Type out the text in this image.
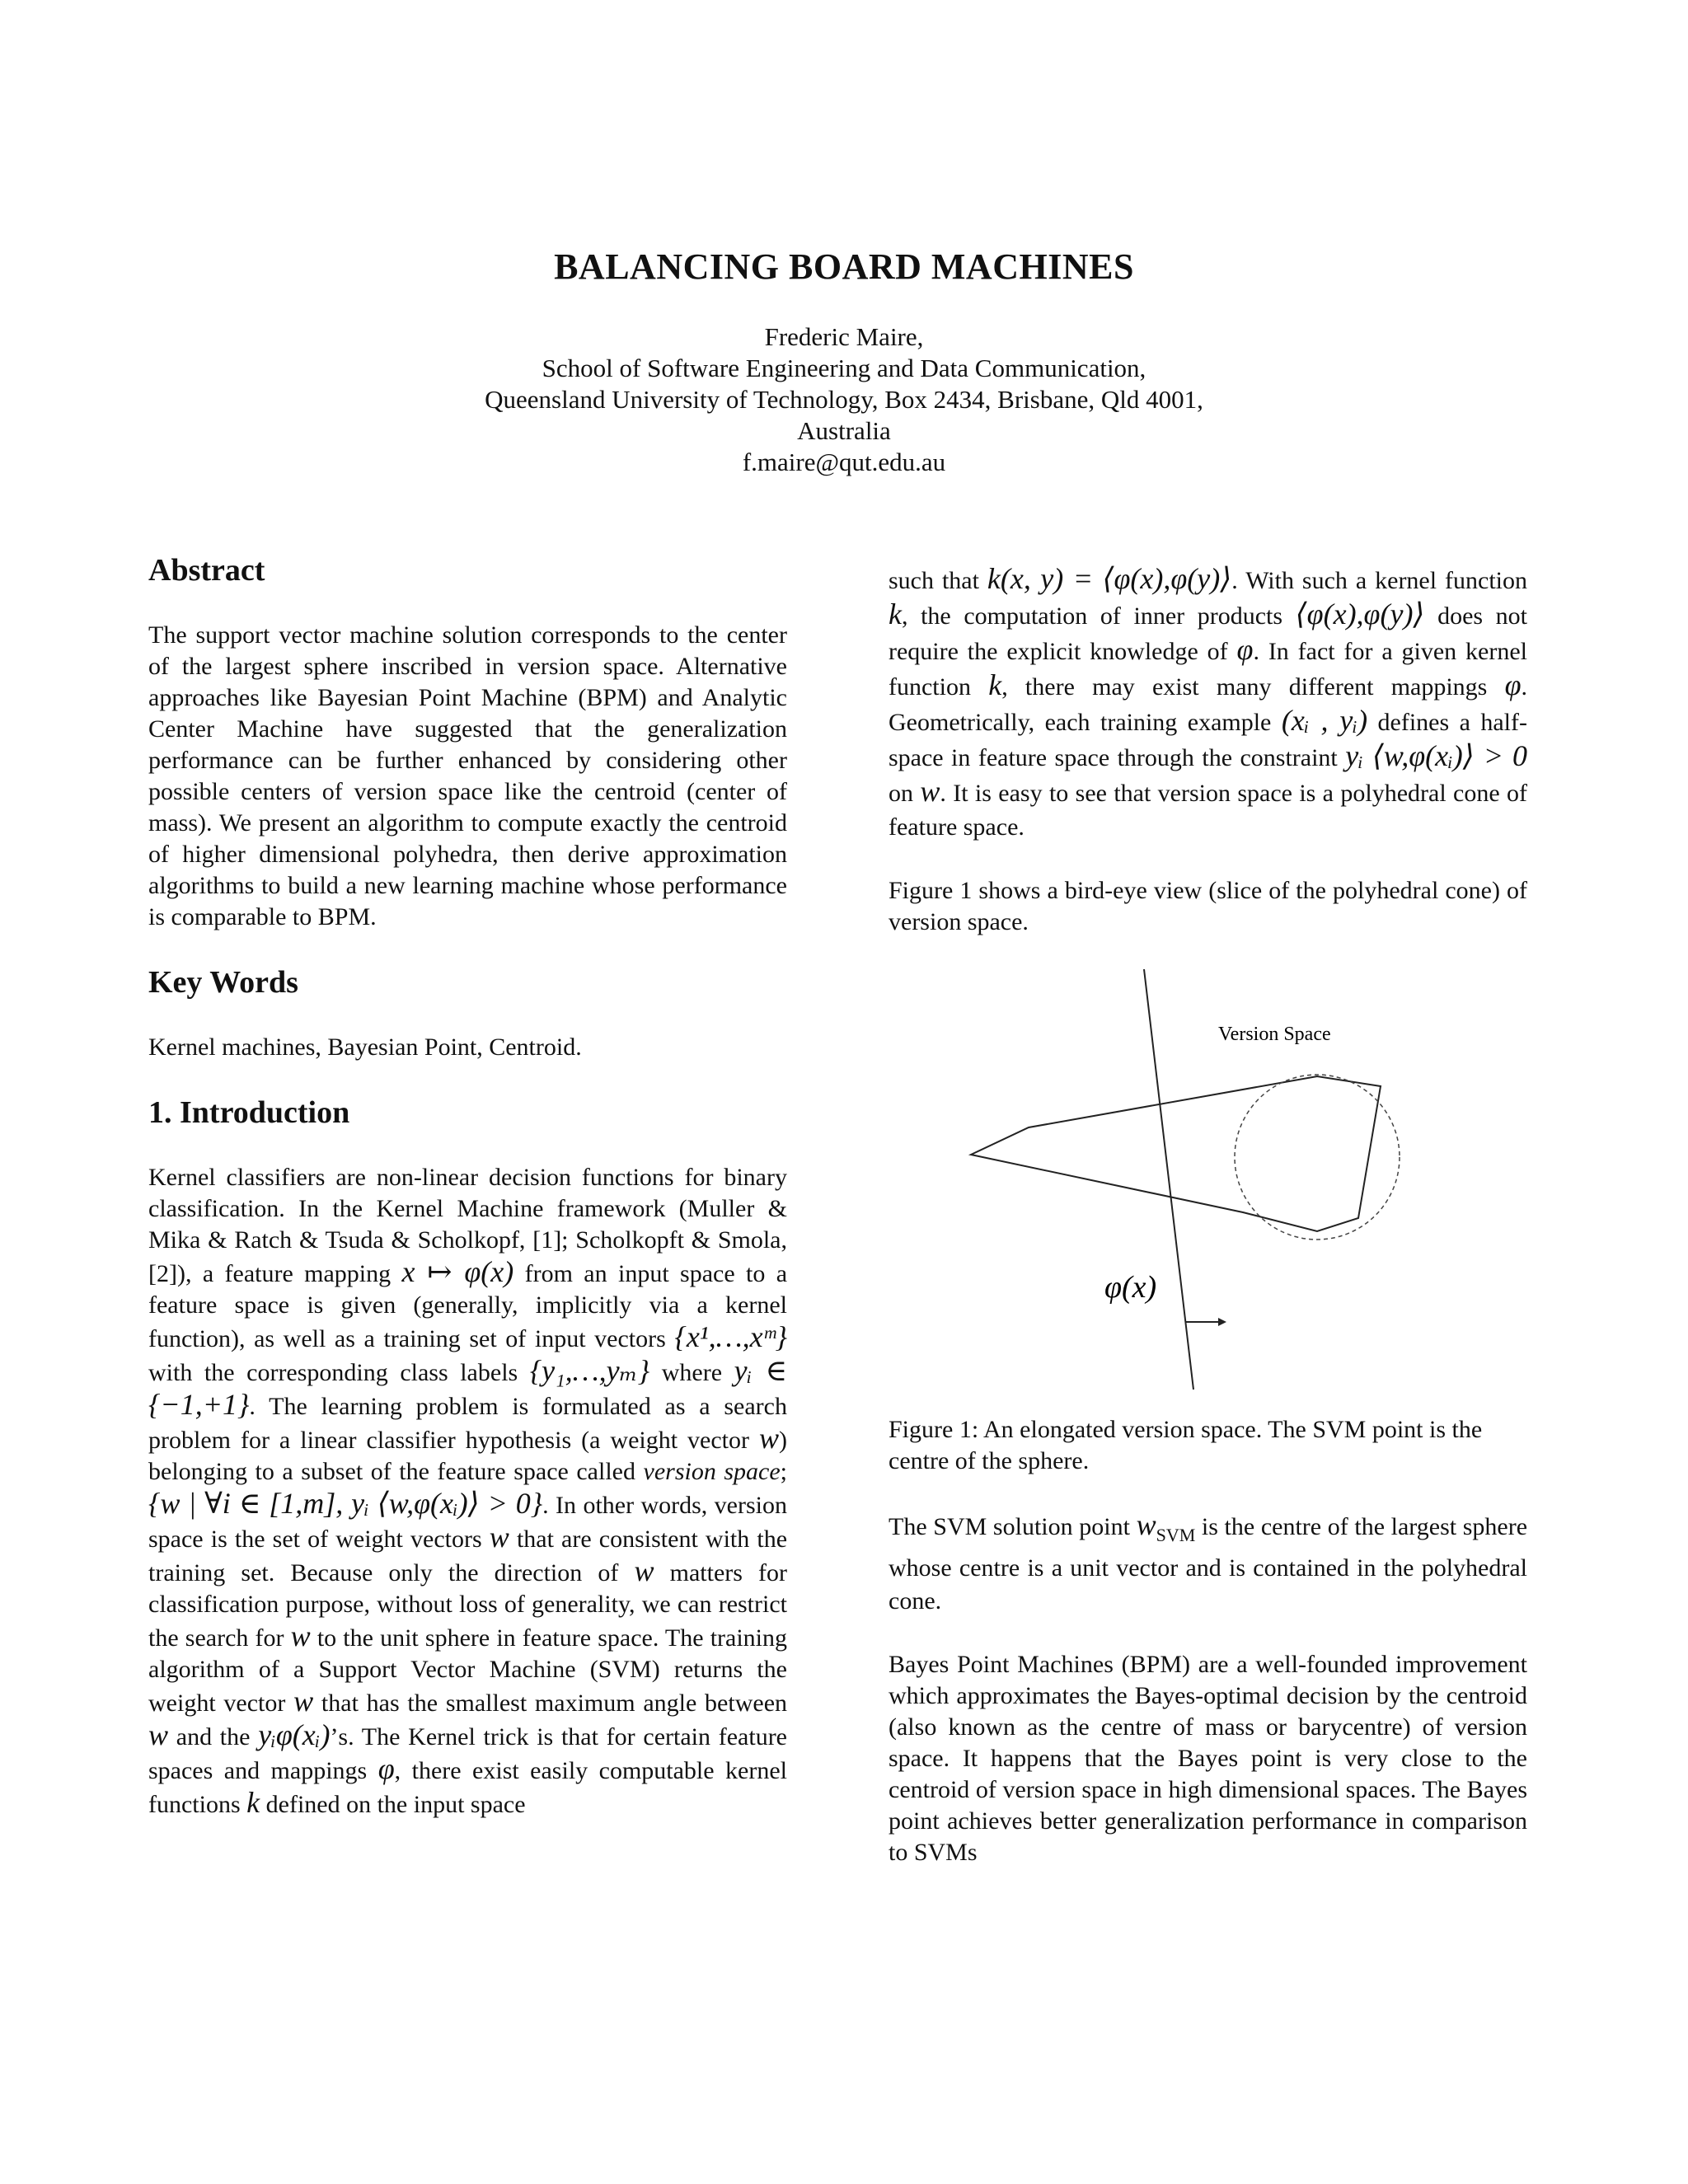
BALANCING BOARD MACHINES
Frederic Maire,
School of Software Engineering and Data Communication,
Queensland University of Technology, Box 2434, Brisbane, Qld 4001,
Australia
f.maire@qut.edu.au
Abstract

The support vector machine solution corresponds to the center of the largest sphere inscribed in version space. Alternative approaches like Bayesian Point Machine (BPM) and Analytic Center Machine have suggested that the generalization performance can be further enhanced by considering other possible centers of version space like the centroid (center of mass). We present an algorithm to compute exactly the centroid of higher dimensional polyhedra, then derive approximation algorithms to build a new learning machine whose performance is comparable to BPM.

Key Words

Kernel machines, Bayesian Point, Centroid.

1. Introduction

Kernel classifiers are non-linear decision functions for binary classification. In the Kernel Machine framework (Muller & Mika & Ratch & Tsuda & Scholkopf, [1]; Scholkopft & Smola, [2]), a feature mapping x ↦ φ(x) from an input space to a feature space is given (generally, implicitly via a kernel function), as well as a training set of input vectors {x¹,…,xᵐ} with the corresponding class labels {y₁,…,yₘ} where yᵢ ∈ {−1,+1}. The learning problem is formulated as a search problem for a linear classifier hypothesis (a weight vector w) belonging to a subset of the feature space called version space; {w | ∀i ∈ [1,m], yᵢ ⟨w,φ(xᵢ)⟩ > 0}. In other words, version space is the set of weight vectors w that are consistent with the training set. Because only the direction of w matters for classification purpose, without loss of generality, we can restrict the search for w to the unit sphere in feature space. The training algorithm of a Support Vector Machine (SVM) returns the weight vector w that has the smallest maximum angle between w and the yᵢφ(xᵢ)’s. The Kernel trick is that for certain feature spaces and mappings φ, there exist easily computable kernel functions k defined on the input space

such that k(x, y) = ⟨φ(x),φ(y)⟩. With such a kernel function k, the computation of inner products ⟨φ(x),φ(y)⟩ does not require the explicit knowledge of φ. In fact for a given kernel function k, there may exist many different mappings φ. Geometrically, each training example (xᵢ , yᵢ) defines a half-space in feature space through the constraint yᵢ ⟨w,φ(xᵢ)⟩ > 0 on w. It is easy to see that version space is a polyhedral cone of feature space.

Figure 1 shows a bird-eye view (slice of the polyhedral cone) of version space.

Version Space
φ(x)

Figure 1: An elongated version space. The SVM point is the centre of the sphere.

The SVM solution point $w_{SVM}$ is the centre of the largest sphere whose centre is a unit vector and is contained in the polyhedral cone.

Bayes Point Machines (BPM) are a well-founded improvement which approximates the Bayes-optimal decision by the centroid (also known as the centre of mass or barycentre) of version space. It happens that the Bayes point is very close to the centroid of version space in high dimensional spaces. The Bayes point achieves better generalization performance in comparison to SVMs
